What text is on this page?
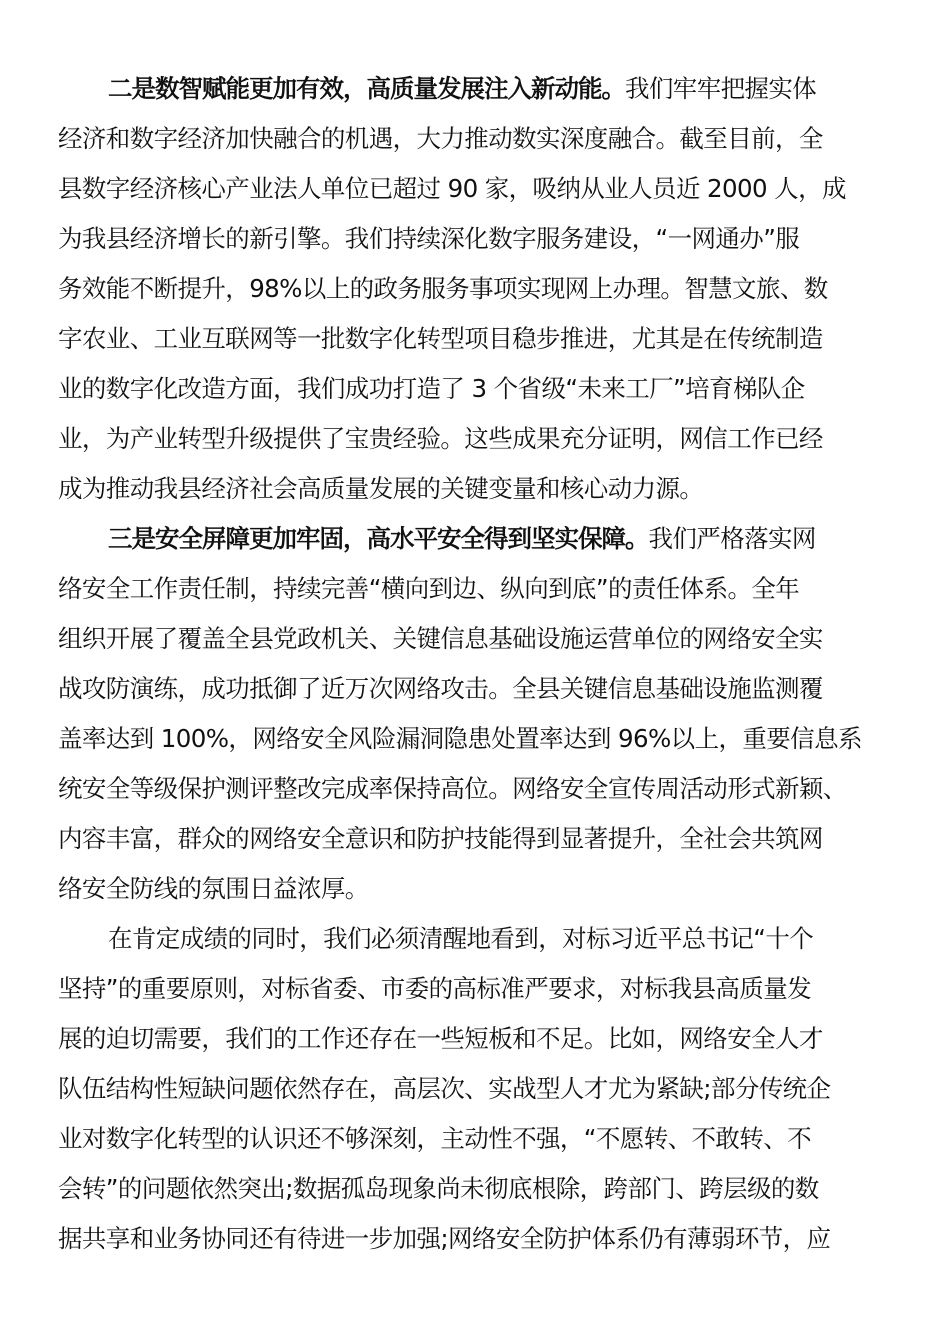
二是数智赋能更加有效，高质量发展注入新动能。我们牢牢把握实体
经济和数字经济加快融合的机遇，大力推动数实深度融合。截至目前，全
县数字经济核心产业法人单位已超过 90 家，吸纳从业人员近 2000 人，成
为我县经济增长的新引擎。我们持续深化数字服务建设，“一网通办”服
务效能不断提升，98%以上的政务服务事项实现网上办理。智慧文旅、数
字农业、工业互联网等一批数字化转型项目稳步推进，尤其是在传统制造
业的数字化改造方面，我们成功打造了 3 个省级“未来工厂”培育梯队企
业，为产业转型升级提供了宝贵经验。这些成果充分证明，网信工作已经
成为推动我县经济社会高质量发展的关键变量和核心动力源。
三是安全屏障更加牢固，高水平安全得到坚实保障。我们严格落实网
络安全工作责任制，持续完善“横向到边、纵向到底”的责任体系。全年
组织开展了覆盖全县党政机关、关键信息基础设施运营单位的网络安全实
战攻防演练，成功抵御了近万次网络攻击。全县关键信息基础设施监测覆
盖率达到 100%，网络安全风险漏洞隐患处置率达到 96%以上，重要信息系
统安全等级保护测评整改完成率保持高位。网络安全宣传周活动形式新颖、
内容丰富，群众的网络安全意识和防护技能得到显著提升，全社会共筑网
络安全防线的氛围日益浓厚。
在肯定成绩的同时，我们必须清醒地看到，对标习近平总书记“十个
坚持”的重要原则，对标省委、市委的高标准严要求，对标我县高质量发
展的迫切需要，我们的工作还存在一些短板和不足。比如，网络安全人才
队伍结构性短缺问题依然存在，高层次、实战型人才尤为紧缺;部分传统企
业对数字化转型的认识还不够深刻，主动性不强，“不愿转、不敢转、不
会转”的问题依然突出;数据孤岛现象尚未彻底根除，跨部门、跨层级的数
据共享和业务协同还有待进一步加强;网络安全防护体系仍有薄弱环节，应
